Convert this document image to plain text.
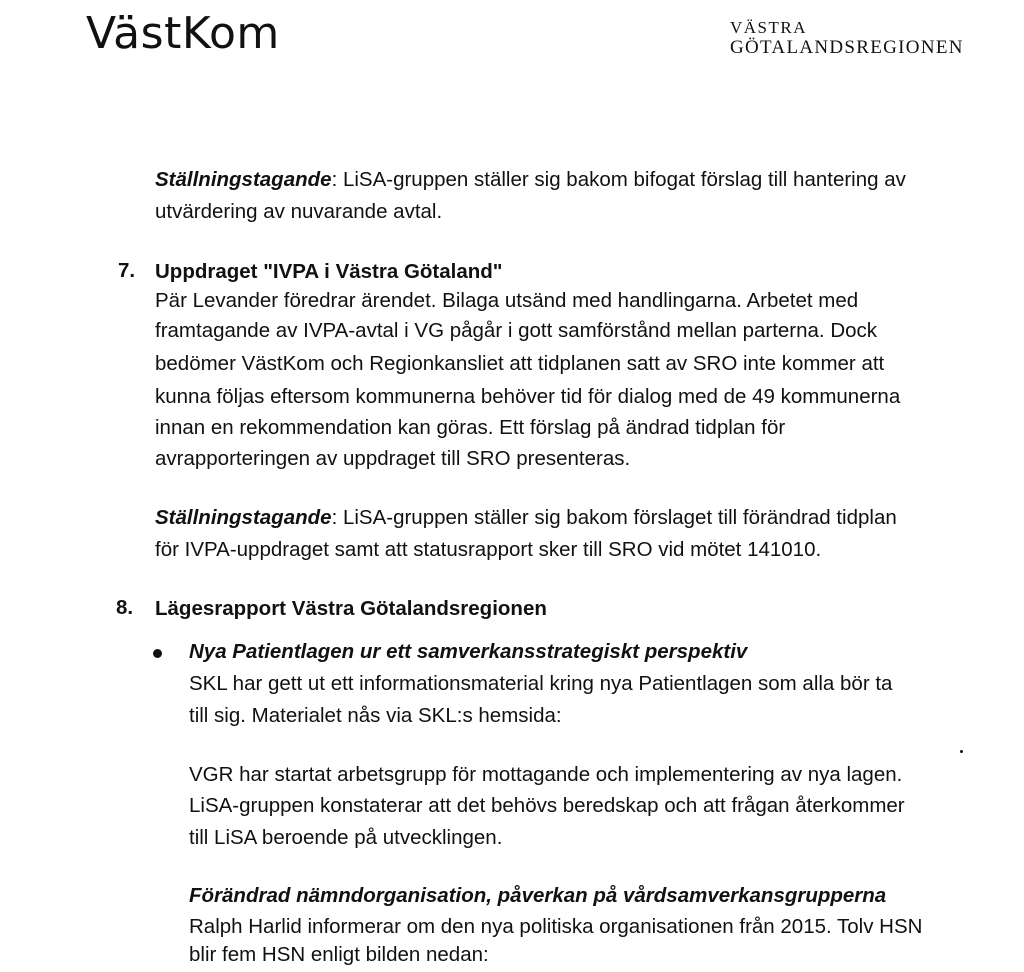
VästKom	VÄSTRA
GÖTALANDSREGIONEN
Ställningstagande: LiSA-gruppen ställer sig bakom bifogat förslag till hantering av
utvärdering av nuvarande avtal.
7. Uppdraget "IVPA i Västra Götaland"
Pär Levander föredrar ärendet. Bilaga utsänd med handlingarna. Arbetet med
framtagande av IVPA-avtal i VG pågår i gott samförstånd mellan parterna. Dock
bedömer VästKom och Regionkansliet att tidplanen satt av SRO inte kommer att
kunna följas eftersom kommunerna behöver tid för dialog med de 49 kommunerna
innan en rekommendation kan göras. Ett förslag på ändrad tidplan för
avrapporteringen av uppdraget till SRO presenteras.
Ställningstagande: LiSA-gruppen ställer sig bakom förslaget till förändrad tidplan
för IVPA-uppdraget samt att statusrapport sker till SRO vid mötet 141010.
8. Lägesrapport Västra Götalandsregionen
Nya Patientlagen ur ett samverkansstrategiskt perspektiv
SKL har gett ut ett informationsmaterial kring nya Patientlagen som alla bör ta
till sig. Materialet nås via SKL:s hemsida:
VGR har startat arbetsgrupp för mottagande och implementering av nya lagen.
LiSA-gruppen konstaterar att det behövs beredskap och att frågan återkommer
till LiSA beroende på utvecklingen.
Förändrad nämndorganisation, påverkan på vårdsamverkansgrupperna
Ralph Harlid informerar om den nya politiska organisationen från 2015. Tolv HSN
blir fem HSN enligt bilden nedan:
